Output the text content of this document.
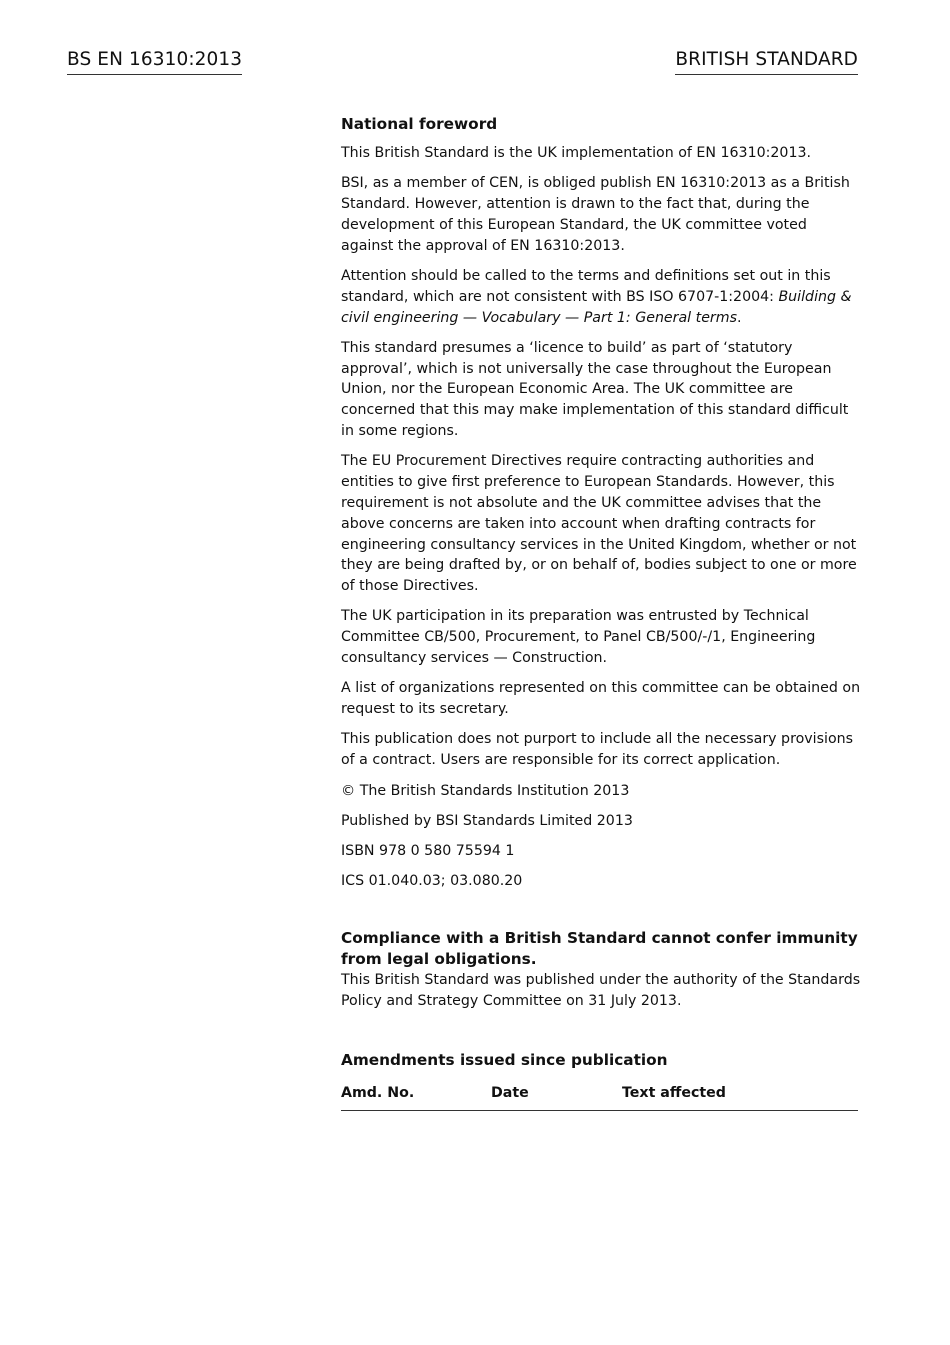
BS EN 16310:2013	BRITISH STANDARD
National foreword

This British Standard is the UK implementation of EN 16310:2013.

BSI, as a member of CEN, is obliged publish EN 16310:2013 as a British Standard. However, attention is drawn to the fact that, during the development of this European Standard, the UK committee voted against the approval of EN 16310:2013.

Attention should be called to the terms and definitions set out in this standard, which are not consistent with BS ISO 6707-1:2004: Building & civil engineering — Vocabulary — Part 1: General terms.

This standard presumes a ‘licence to build’ as part of ‘statutory approval’, which is not universally the case throughout the European Union, nor the European Economic Area. The UK committee are concerned that this may make implementation of this standard difficult in some regions.

The EU Procurement Directives require contracting authorities and entities to give first preference to European Standards. However, this requirement is not absolute and the UK committee advises that the above concerns are taken into account when drafting contracts for engineering consultancy services in the United Kingdom, whether or not they are being drafted by, or on behalf of, bodies subject to one or more of those Directives.

The UK participation in its preparation was entrusted by Technical Committee CB/500, Procurement, to Panel CB/500/-/1, Engineering consultancy services — Construction.

A list of organizations represented on this committee can be obtained on request to its secretary.

This publication does not purport to include all the necessary provisions of a contract. Users are responsible for its correct application.

© The British Standards Institution 2013

Published by BSI Standards Limited 2013

ISBN 978 0 580 75594 1

ICS 01.040.03; 03.080.20

Compliance with a British Standard cannot confer immunity from legal obligations.

This British Standard was published under the authority of the Standards Policy and Strategy Committee on 31 July 2013.

Amendments issued since publication
Amd. No.	Date	Text affected
